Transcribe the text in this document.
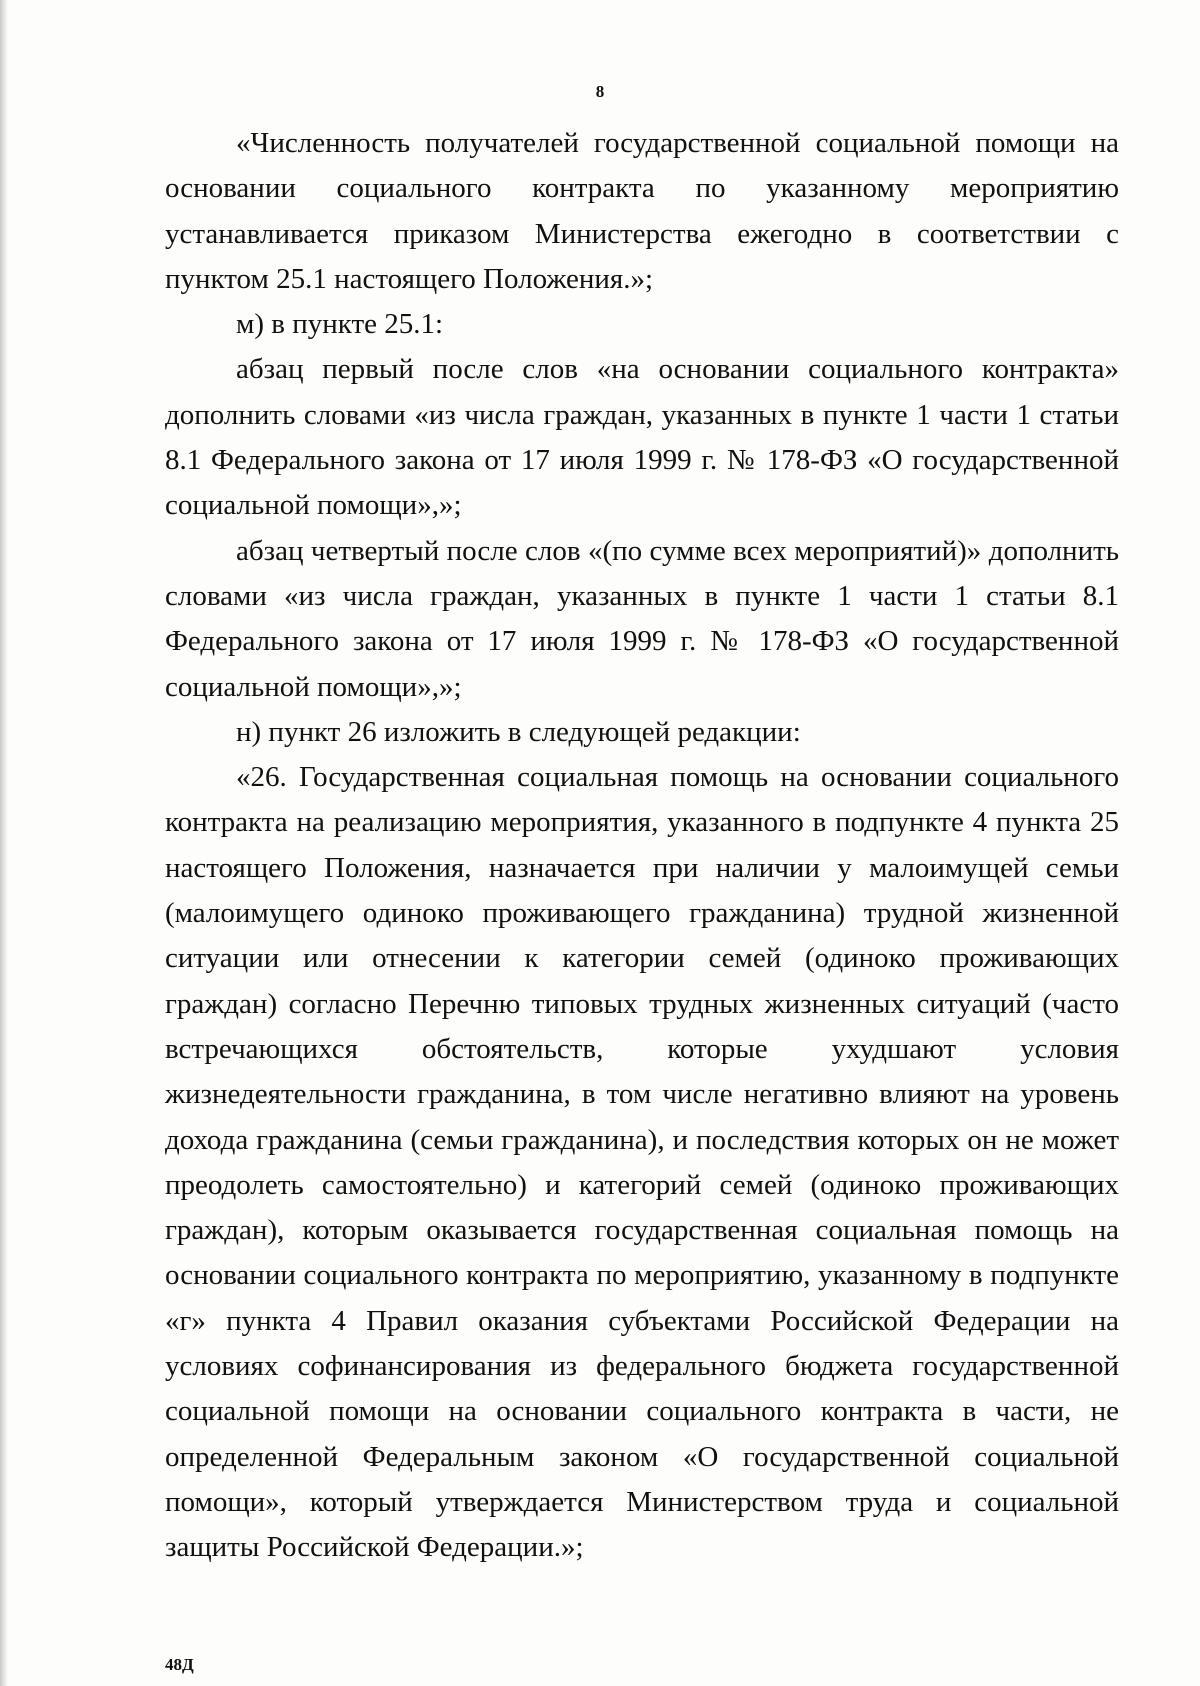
8

«Численность получателей государственной социальной помощи на основании социального контракта по указанному мероприятию устанавливается приказом Министерства ежегодно в соответствии с пунктом 25.1 настоящего Положения.»;

м) в пункте 25.1:

абзац первый после слов «на основании социального контракта» дополнить словами «из числа граждан, указанных в пункте 1 части 1 статьи 8.1 Федерального закона от 17 июля 1999 г. № 178-ФЗ «О государственной социальной помощи»,»;

абзац четвертый после слов «(по сумме всех мероприятий)» дополнить словами «из числа граждан, указанных в пункте 1 части 1 статьи 8.1 Федерального закона от 17 июля 1999 г. № 178-ФЗ «О государственной социальной помощи»,»;

н) пункт 26 изложить в следующей редакции:

«26. Государственная социальная помощь на основании социального контракта на реализацию мероприятия, указанного в подпункте 4 пункта 25 настоящего Положения, назначается при наличии у малоимущей семьи (малоимущего одиноко проживающего гражданина) трудной жизненной ситуации или отнесении к категории семей (одиноко проживающих граждан) согласно Перечню типовых трудных жизненных ситуаций (часто встречающихся обстоятельств, которые ухудшают условия жизнедеятельности гражданина, в том числе негативно влияют на уровень дохода гражданина (семьи гражданина), и последствия которых он не может преодолеть самостоятельно) и категорий семей (одиноко проживающих граждан), которым оказывается государственная социальная помощь на основании социального контракта по мероприятию, указанному в подпункте «г» пункта 4 Правил оказания субъектами Российской Федерации на условиях софинансирования из федерального бюджета государственной социальной помощи на основании социального контракта в части, не определенной Федеральным законом «О государственной социальной помощи», который утверждается Министерством труда и социальной защиты Российской Федерации.»;

48Д
